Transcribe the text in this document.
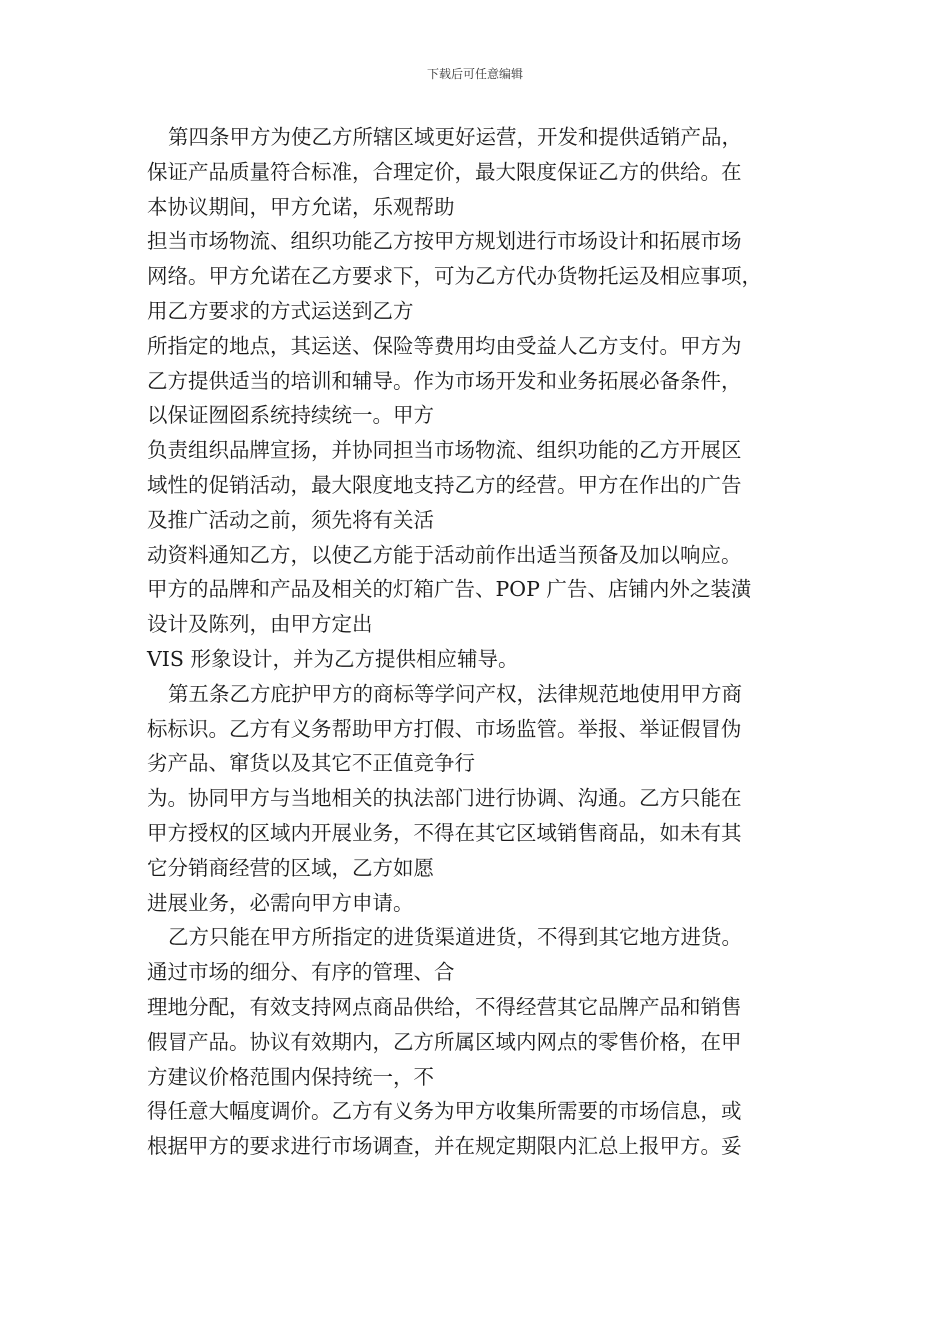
下载后可任意编辑
第四条甲方为使乙方所辖区域更好运营，开发和提供适销产品，
保证产品质量符合标准，合理定价，最大限度保证乙方的供给。在
本协议期间，甲方允诺，乐观帮助
担当市场物流、组织功能乙方按甲方规划进行市场设计和拓展市场
网络。甲方允诺在乙方要求下，可为乙方代办货物托运及相应事项，
用乙方要求的方式运送到乙方
所指定的地点，其运送、保险等费用均由受益人乙方支付。甲方为
乙方提供适当的培训和辅导。作为市场开发和业务拓展必备条件，
以保证囫囵系统持续统一。甲方
负责组织品牌宣扬，并协同担当市场物流、组织功能的乙方开展区
域性的促销活动，最大限度地支持乙方的经营。甲方在作出的广告
及推广活动之前，须先将有关活
动资料通知乙方，以使乙方能于活动前作出适当预备及加以响应。
甲方的品牌和产品及相关的灯箱广告、POP 广告、店铺内外之装潢
设计及陈列，由甲方定出
VIS 形象设计，并为乙方提供相应辅导。
第五条乙方庇护甲方的商标等学问产权，法律规范地使用甲方商
标标识。乙方有义务帮助甲方打假、市场监管。举报、举证假冒伪
劣产品、窜货以及其它不正值竞争行
为。协同甲方与当地相关的执法部门进行协调、沟通。乙方只能在
甲方授权的区域内开展业务，不得在其它区域销售商品，如未有其
它分销商经营的区域，乙方如愿
进展业务，必需向甲方申请。
乙方只能在甲方所指定的进货渠道进货，不得到其它地方进货。
通过市场的细分、有序的管理、合
理地分配，有效支持网点商品供给，不得经营其它品牌产品和销售
假冒产品。协议有效期内，乙方所属区域内网点的零售价格，在甲
方建议价格范围内保持统一，不
得任意大幅度调价。乙方有义务为甲方收集所需要的市场信息，或
根据甲方的要求进行市场调查，并在规定期限内汇总上报甲方。妥
